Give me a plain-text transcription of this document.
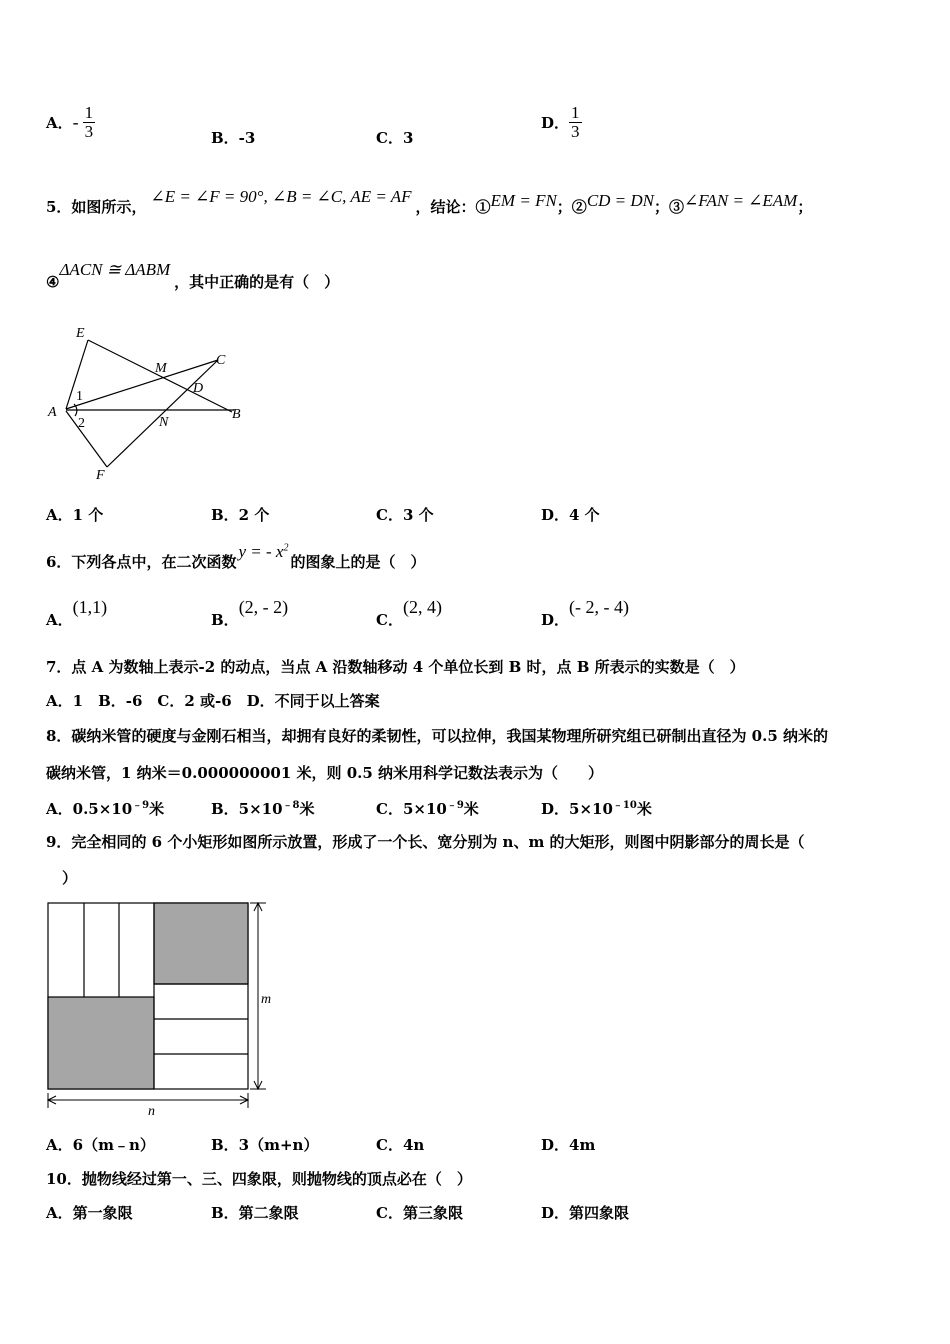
A．- $\frac{1}{3}$	B．-3	C．3
D． $\frac{1}{3}$
5．如图所示，∠E = ∠F = 90°, ∠B = ∠C, AE = AF，结论：①EM = FN；②CD = DN；③∠FAN = ∠EAM；
④ΔACN ≅ ΔABM，其中正确的是有（　）
E
M
C
D
A
1
2	N
B
F
A．1 个	B．2 个	C．3 个	D．4 个
6．下列各点中，在二次函数y = - $x^2$的图象上的是（　）
A．(1,1)
B．(2, - 2)
C．(2, 4)
D．(- 2, - 4)
7．点 A 为数轴上表示-2 的动点，当点 A 沿数轴移动 4 个单位长到 B 时，点 B 所表示的实数是（　）
A．1　B．-6　C．2 或-6　D．不同于以上答案
8．碳纳米管的硬度与金刚石相当，却拥有良好的柔韧性，可以拉伸，我国某物理所研究组已研制出直径为 0.5 纳米的
碳纳米管，1 纳米＝0.000000001 米，则 0.5 纳米用科学记数法表示为（　　）
A．$0.5\times 10^{﹣9}$米	B．$5\times 10^{﹣8}$米	C．$5\times 10^{﹣9}$米	D．$5\times 10^{﹣10}$米
9．完全相同的 6 个小矩形如图所示放置，形成了一个长、宽分别为 n、m 的大矩形，则图中阴影部分的周长是（
）
m
n
A．6（m﹣n）	B．3（m+n）	C．4n	D．4m
10．抛物线经过第一、三、四象限，则抛物线的顶点必在（　）
A．第一象限	B．第二象限	C．第三象限	D．第四象限
